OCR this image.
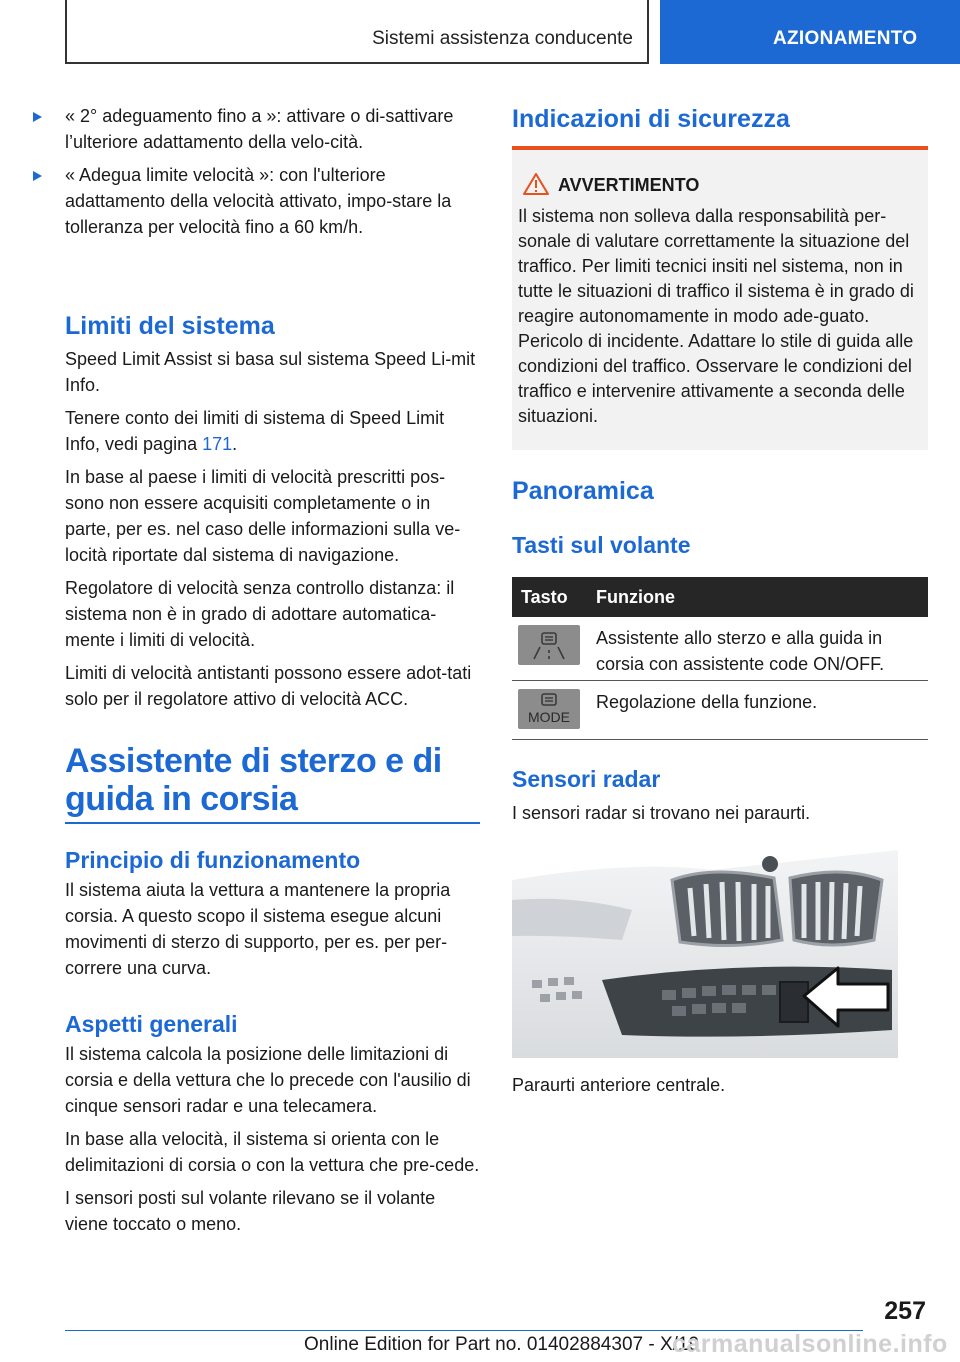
Sistemi assistenza conducente	AZIONAMENTO
« 2° adeguamento fino a »: attivare o di-sattivare l’ulteriore adattamento della velo-cità.
« Adegua limite velocità »: con l'ulteriore adattamento della velocità attivato, impo-stare la tolleranza per velocità fino a 60 km/h.
Limiti del sistema

Speed Limit Assist si basa sul sistema Speed Li-mit Info.

Tenere conto dei limiti di sistema di Speed Limit Info, vedi pagina 171.

In base al paese i limiti di velocità prescritti pos-sono non essere acquisiti completamente o in parte, per es. nel caso delle informazioni sulla ve-locità riportate dal sistema di navigazione.

Regolatore di velocità senza controllo distanza: il sistema non è in grado di adottare automatica-mente i limiti di velocità.

Limiti di velocità antistanti possono essere adot-tati solo per il regolatore attivo di velocità ACC.

Assistente di sterzo e di
guida in corsia
Principio di funzionamento

Il sistema aiuta la vettura a mantenere la propria corsia. A questo scopo il sistema esegue alcuni movimenti di sterzo di supporto, per es. per per-correre una curva.

Aspetti generali

Il sistema calcola la posizione delle limitazioni di corsia e della vettura che lo precede con l'ausilio di cinque sensori radar e una telecamera.

In base alla velocità, il sistema si orienta con le delimitazioni di corsia o con la vettura che pre-cede.

I sensori posti sul volante rilevano se il volante viene toccato o meno.

Indicazioni di sicurezza
AVVERTIMENTO
Il sistema non solleva dalla responsabilità per-sonale di valutare correttamente la situazione del traffico. Per limiti tecnici insiti nel sistema, non in tutte le situazioni di traffico il sistema è in grado di reagire autonomamente in modo ade-guato. Pericolo di incidente. Adattare lo stile di guida alle condizioni del traffico. Osservare le condizioni del traffico e intervenire attivamente a seconda delle situazioni.
Panoramica
Tasti sul volante
Tasto	Funzione
Assistente allo sterzo e alla guida in corsia con assistente code ON/OFF.
MODE
Regolazione della funzione.
Sensori radar
I sensori radar si trovano nei paraurti.
Paraurti anteriore centrale.
257
Online Edition for Part no. 01402884307 - X/19
carmanualsonline.info
